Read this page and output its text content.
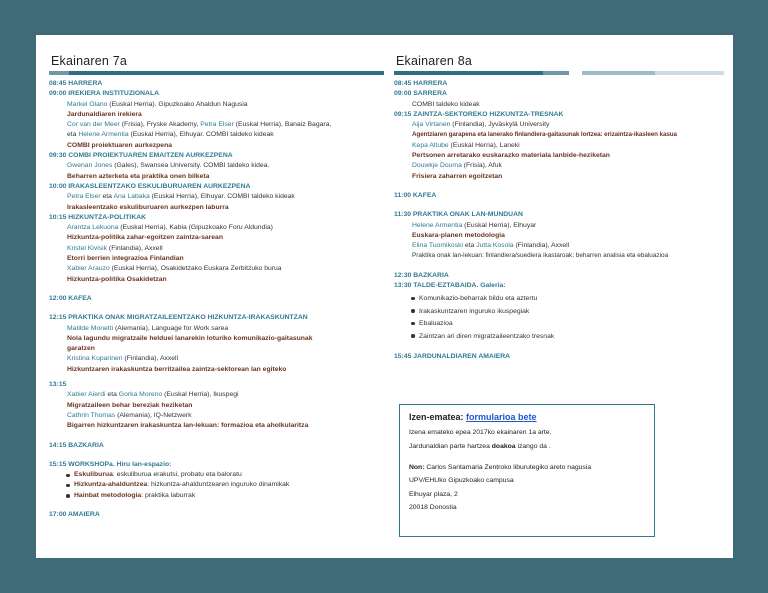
Ekainaren 7a
08:45 HARRERA
09:00 IREKIERA INSTITUZIONALA
Markel Olano (Euskal Herria). Gipuzkoako Ahaldun Nagusia
Jardunaldiaren irekiera
Cor van der Meer (Frisia), Fryske Akademy, Petra Elser (Euskal Herria), Banaiz Bagara,
eta Helene Armentia (Euskal Herria), Elhuyar. COMBI taldeko kideak
COMBI proiektuaren aurkezpena
09:30 COMBI PROIEKTUAREN EMAITZEN AURKEZPENA
Gwenan Jones (Gales), Swansea University. COMBI taldeko kidea.
Beharren azterketa eta praktika onen bilketa
10:00 IRAKASLEENTZAKO ESKULIBURUAREN AURKEZPENA
Petra Elser eta Ana Labaka (Euskal Herria), Elhuyar. COMBI taldeko kideak
Irakasleentzako eskuliburuaren aurkezpen laburra
10:15 HIZKUNTZA-POLITIKAK
Arantza Lekuona (Euskal Herria), Kabia (Gipuzkoako Foru Aldundia)
Hizkuntza-politika zahar-egoitzen zaintza-sarean
Kristel Kivisik (Finlandia), Axxell
Etorri berrien integrazioa Finlandian
Xabier Arauzo (Euskal Herria), Osakidetzako Euskara Zerbitzuko burua
Hizkuntza-politika Osakidetzan
12:00 KAFEA
12:15 PRAKTIKA ONAK MIGRATZAILEENTZAKO HIZKUNTZA-IRAKASKUNTZAN
Matilde Monetti (Alemania), Language for Work sarea
Nola lagundu migratzaile helduei lanarekin loturiko komunikazio-gaitasunak
garatzen
Kristina Kuparinen (Finlandia), Axxell
Hizkuntzaren irakaskuntza berritzailea zaintza-sektorean lan egiteko
13:15
Xabier Aierdi eta Gorka Moreno (Euskal Herria), Ikuspegi
Migratzaileen behar bereziak heziketan
Cathrin Thomas (Alemania), IQ-Netzwerk
Bigarren hizkuntzaren irakaskuntza lan-lekuan: formazioa eta aholkularitza
14:15 BAZKARIA
15:15 WORKSHOPa. Hiru lan-espazio:
Eskuliburua: eskuliburua erakutsi, probatu eta baloratu
Hizkuntza-ahalduntzea: hizkuntza-ahalduntzearen inguruko dinamikak
Hainbat metodologia: praktika laburrak
17:00 AMAIERA
Ekainaren 8a
08:45 HARRERA
09:00 SARRERA
COMBI taldeko kideak
09:15 ZAINTZA-SEKTOREKO HIZKUNTZA-TRESNAK
Aija Virtanen (Finlandia), Jyväskylä University
Agentziaren garapena eta lanerako finlandiera-gaitasunak lortzea: erizaintza-ikasleen kasua
Kepa Altube (Euskal Herria), Laneki
Pertsonen arretarako euskarazko materiala lanbide-heziketan
Douwkje Douma (Frisia), Afuk
Frisiera zaharren egoitzetan
11:00 KAFEA
11:30 PRAKTIKA ONAK LAN-MUNDUAN
Helene Armentia (Euskal Herria), Elhuyar
Euskara-planen metodologia
Elina Tuomikoski eta Jutta Kosola (Finlandia), Axxell
Praktika onak lan-lekuan: finlandiera/suediera ikastaroak; beharren analisia eta ebaluazioa
12:30 BAZKARIA
13:30 TALDE-EZTABAIDA. Galeria:
Komunikazio-beharrak bildu eta aztertu
Irakaskuntzaren inguruko ikuspegiak
Ebaluazioa
Zaintzan ari diren migratzaileentzako tresnak
15:45 JARDUNALDIAREN AMAIERA
Izen-ematea: formularioa bete
Izena emateko epea 2017ko ekainaren 1a arte.
Jardunaldian parte hartzea doakoa izango da .
Non: Carlos Santamaria Zentroko liburutegiko areto nagusia
UPV/EHUko Gipuzkoako campusa
Elhuyar plaza, 2
20018 Donostia
